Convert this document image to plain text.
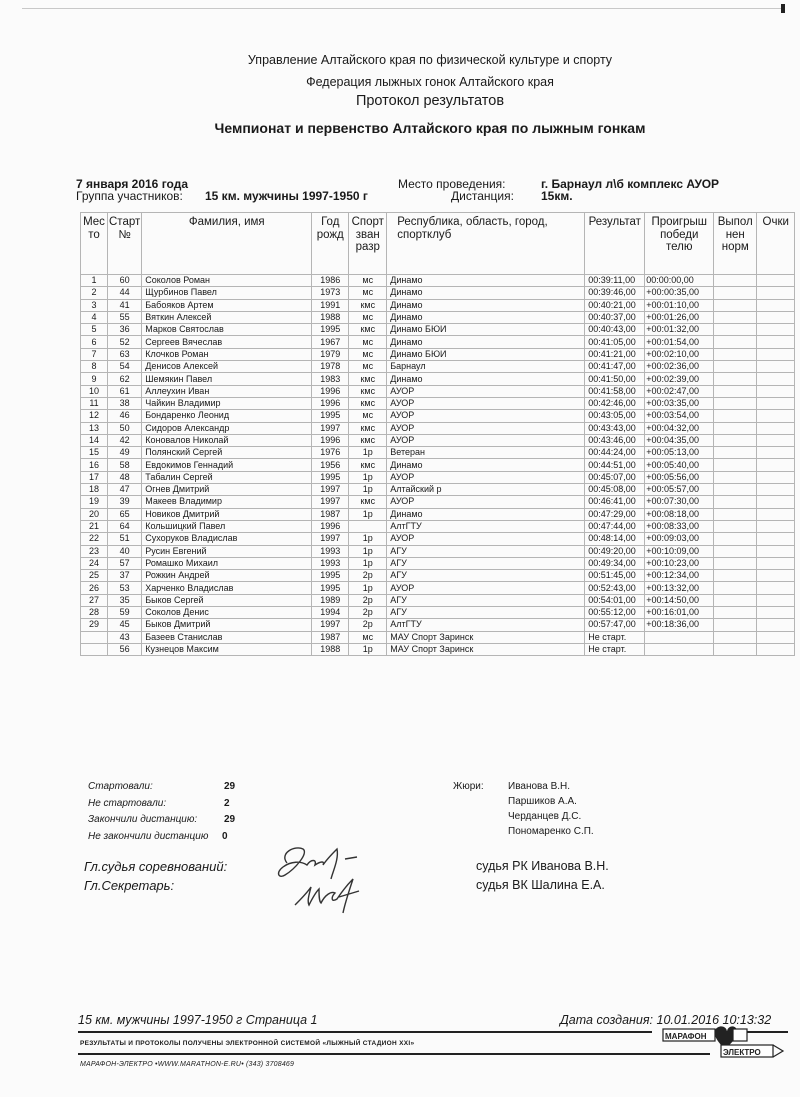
Управление Алтайского края по физической культуре и спорту
Федерация лыжных гонок Алтайского края
Протокол результатов
Чемпионат и первенство Алтайского края по лыжным гонкам
7 января 2016 года
Группа участников: 15 км. мужчины 1997-1950 г
Место проведения:	г. Барнаул л\б комплекс АУОР
Дистанция: 15км.
Мес то	Старт №	Фамилия, имя	Год рожд	Спорт зван разр	Республика, область, город, спортклуб	Результат	Проигрыш победи телю	Выпол нен норм	Очки
1	60	Соколов Роман	1986	мс	Динамо	00:39:11,00	00:00:00,00		
2	44	Щурбинов Павел	1973	мс	Динамо	00:39:46,00	+00:00:35,00		
3	41	Бабояков Артем	1991	кмс	Динамо	00:40:21,00	+00:01:10,00		
4	55	Вяткин Алексей	1988	мс	Динамо	00:40:37,00	+00:01:26,00		
5	36	Марков Святослав	1995	кмс	Динамо БЮИ	00:40:43,00	+00:01:32,00		
6	52	Сергеев Вячеслав	1967	мс	Динамо	00:41:05,00	+00:01:54,00		
7	63	Клочков Роман	1979	мс	Динамо БЮИ	00:41:21,00	+00:02:10,00		
8	54	Денисов Алексей	1978	мс	Барнаул	00:41:47,00	+00:02:36,00		
9	62	Шемякин Павел	1983	кмс	Динамо	00:41:50,00	+00:02:39,00		
10	61	Аллеухин Иван	1996	кмс	АУОР	00:41:58,00	+00:02:47,00		
11	38	Чайкин Владимир	1996	кмс	АУОР	00:42:46,00	+00:03:35,00		
12	46	Бондаренко Леонид	1995	мс	АУОР	00:43:05,00	+00:03:54,00		
13	50	Сидоров Александр	1997	кмс	АУОР	00:43:43,00	+00:04:32,00		
14	42	Коновалов Николай	1996	кмс	АУОР	00:43:46,00	+00:04:35,00		
15	49	Полянский Сергей	1976	1р	Ветеран	00:44:24,00	+00:05:13,00		
16	58	Евдокимов Геннадий	1956	кмс	Динамо	00:44:51,00	+00:05:40,00		
17	48	Табалин Сергей	1995	1р	АУОР	00:45:07,00	+00:05:56,00		
18	47	Огнев Дмитрий	1997	1р	Алтайский р	00:45:08,00	+00:05:57,00		
19	39	Макеев Владимир	1997	кмс	АУОР	00:46:41,00	+00:07:30,00		
20	65	Новиков Дмитрий	1987	1р	Динамо	00:47:29,00	+00:08:18,00		
21	64	Кольшицкий Павел	1996		АлтГТУ	00:47:44,00	+00:08:33,00		
22	51	Сухоруков Владислав	1997	1р	АУОР	00:48:14,00	+00:09:03,00		
23	40	Русин Евгений	1993	1р	АГУ	00:49:20,00	+00:10:09,00		
24	57	Ромашко Михаил	1993	1р	АГУ	00:49:34,00	+00:10:23,00		
25	37	Рожкин Андрей	1995	2р	АГУ	00:51:45,00	+00:12:34,00		
26	53	Харченко Владислав	1995	1р	АУОР	00:52:43,00	+00:13:32,00		
27	35	Быков Сергей	1989	2р	АГУ	00:54:01,00	+00:14:50,00		
28	59	Соколов Денис	1994	2р	АГУ	00:55:12,00	+00:16:01,00		
29	45	Быков Дмитрий	1997	2р	АлтГТУ	00:57:47,00	+00:18:36,00		
	43	Базеев Станислав	1987	мс	МАУ Спорт Заринск	Не старт.			
	56	Кузнецов Максим	1988	1р	МАУ Спорт Заринск	Не старт.			
Стартовали:	29
Не стартовали:	2
Закончили дистанцию:	29
Не закончили дистанцию 0
Жюри: Иванова В.Н.
Паршиков А.А.
Черданцев Д.С.
Пономаренко С.П.
Гл.судья соревнований:
Гл.Секретарь:
судья РК Иванова В.Н.
судья ВК Шалина Е.А.
15 км. мужчины 1997-1950 г Страница 1	Дата создания: 10.01.2016 10:13:32
РЕЗУЛЬТАТЫ И ПРОТОКОЛЫ ПОЛУЧЕНЫ ЭЛЕКТРОННОЙ СИСТЕМОЙ «ЛЫЖНЫЙ СТАДИОН XXI»
МАРАФОН-ЭЛЕКТРО •WWW.MARATHON-E.RU• (343) 3708469
МАРАФОН
ЭЛЕКТРО
